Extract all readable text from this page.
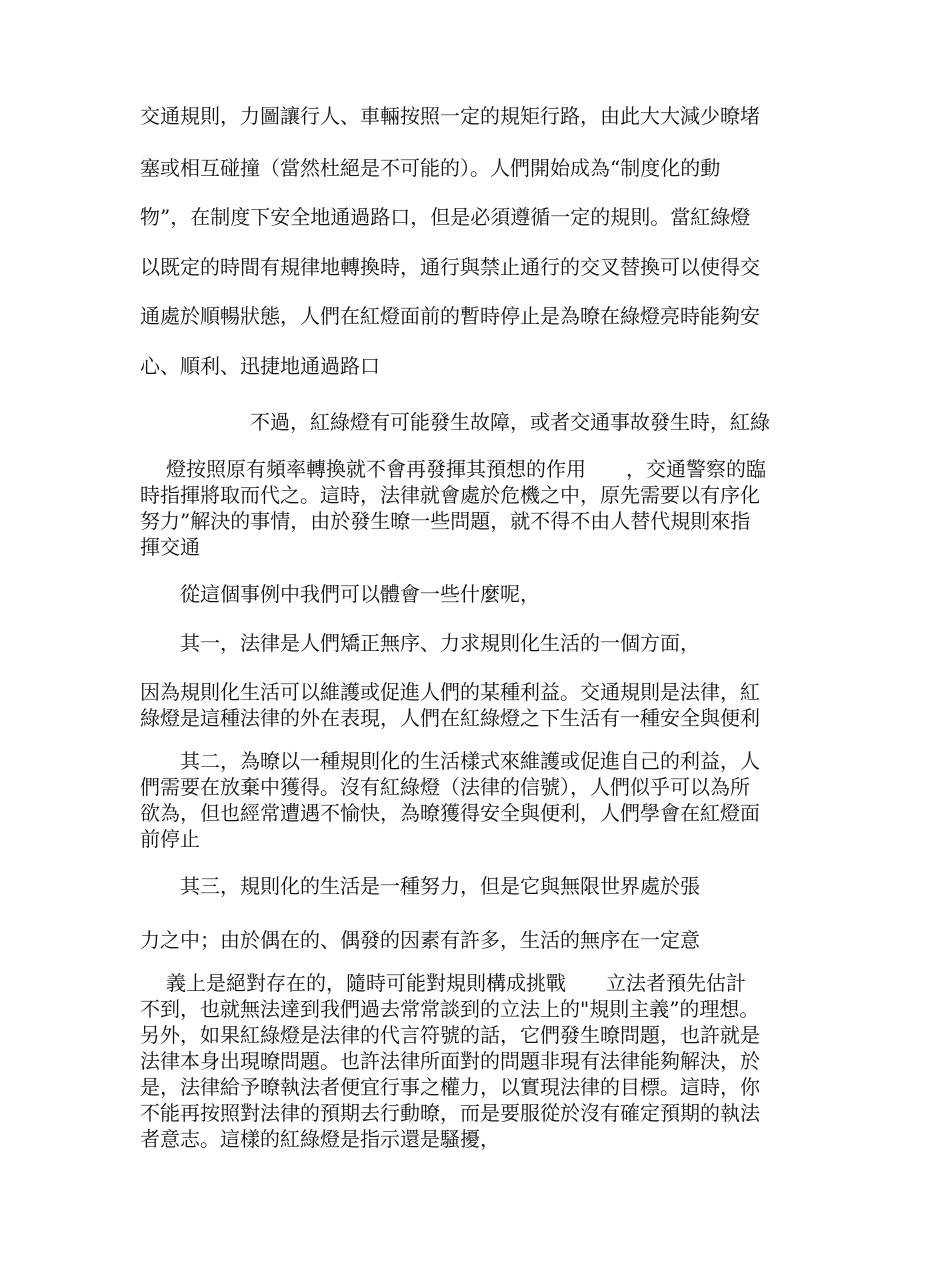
交通規則，力圖讓行人、車輛按照一定的規矩行路，由此大大減少暸堵
塞或相互碰撞（當然杜絕是不可能的）。人們開始成為“制度化的動
物”，在制度下安全地通過路口，但是必須遵循一定的規則。當紅綠燈
以既定的時間有規律地轉換時，通行與禁止通行的交叉替換可以使得交
通處於順暢狀態，人們在紅燈面前的暫時停止是為暸在綠燈亮時能夠安
心、順利、迅捷地通過路口
不過，紅綠燈有可能發生故障，或者交通事故發生時，紅綠
燈按照原有頻率轉換就不會再發揮其預想的作用　　，交通警察的臨
時指揮將取而代之。這時，法律就會處於危機之中，原先需要以有序化
努力”解決的事情，由於發生暸一些問題，就不得不由人替代規則來指
揮交通
從這個事例中我們可以體會一些什麼呢，
其一，法律是人們矯正無序、力求規則化生活的一個方面，
因為規則化生活可以維護或促進人們的某種利益。交通規則是法律，紅
綠燈是這種法律的外在表現，人們在紅綠燈之下生活有一種安全與便利
其二，為暸以一種規則化的生活樣式來維護或促進自己的利益，人
們需要在放棄中獲得。沒有紅綠燈（法律的信號），人們似乎可以為所
欲為，但也經常遭遇不愉快，為暸獲得安全與便利，人們學會在紅燈面
前停止
其三，規則化的生活是一種努力，但是它與無限世界處於張
力之中；由於偶在的、偶發的因素有許多，生活的無序在一定意
義上是絕對存在的，隨時可能對規則構成挑戰　　立法者預先估計
不到，也就無法達到我們過去常常談到的立法上的"規則主義”的理想。
另外，如果紅綠燈是法律的代言符號的話，它們發生暸問題，也許就是
法律本身出現暸問題。也許法律所面對的問題非現有法律能夠解決，於
是，法律給予暸執法者便宜行事之權力，以實現法律的目標。這時，你
不能再按照對法律的預期去行動暸，而是要服從於沒有確定預期的執法
者意志。這樣的紅綠燈是指示還是騷擾，
